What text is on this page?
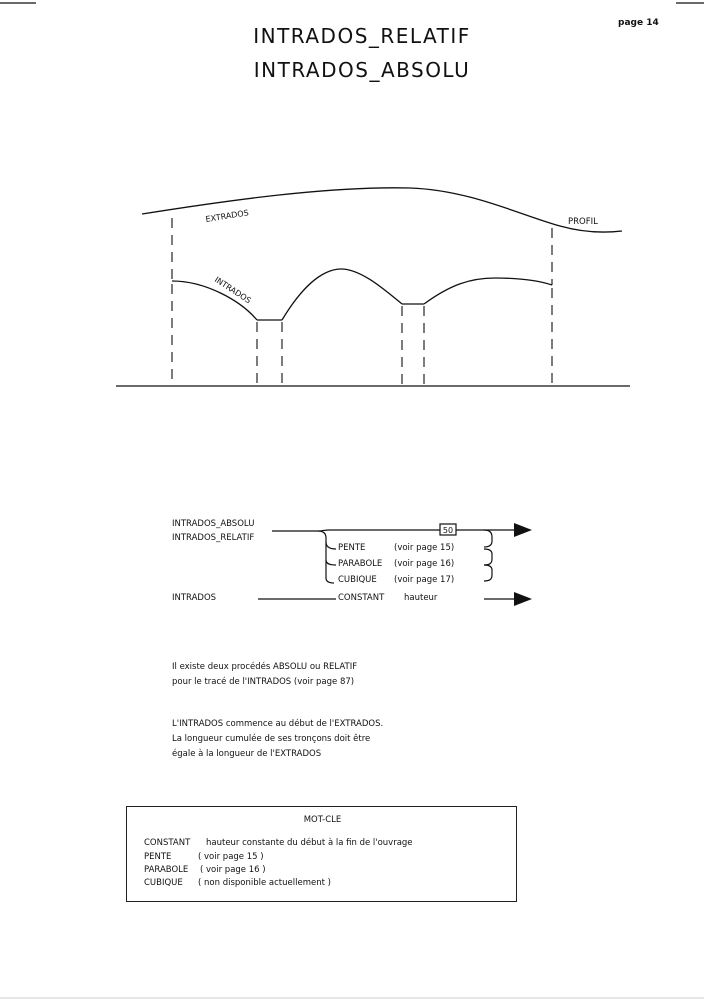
page 14
INTRADOS_RELATIF
INTRADOS_ABSOLU
EXTRADOS
INTRADOS
PROFIL
50
INTRADOS_ABSOLU
INTRADOS_RELATIF
INTRADOS
PENTE	(voir page 15)
PARABOLE (voir page 16)
CUBIQUE (voir page 17)
CONSTANT hauteur
Il existe deux procédés ABSOLU ou RELATIF
pour le tracé de l'INTRADOS (voir page 87)
L'INTRADOS commence au début de l'EXTRADOS.
La longueur cumulée de ses tronçons doit être
égale à la longueur de l'EXTRADOS
MOT-CLE
CONSTANT hauteur constante du début à la fin de l'ouvrage
PENTE	( voir page 15 )
PARABOLE ( voir page 16 )
CUBIQUE ( non disponible actuellement )
